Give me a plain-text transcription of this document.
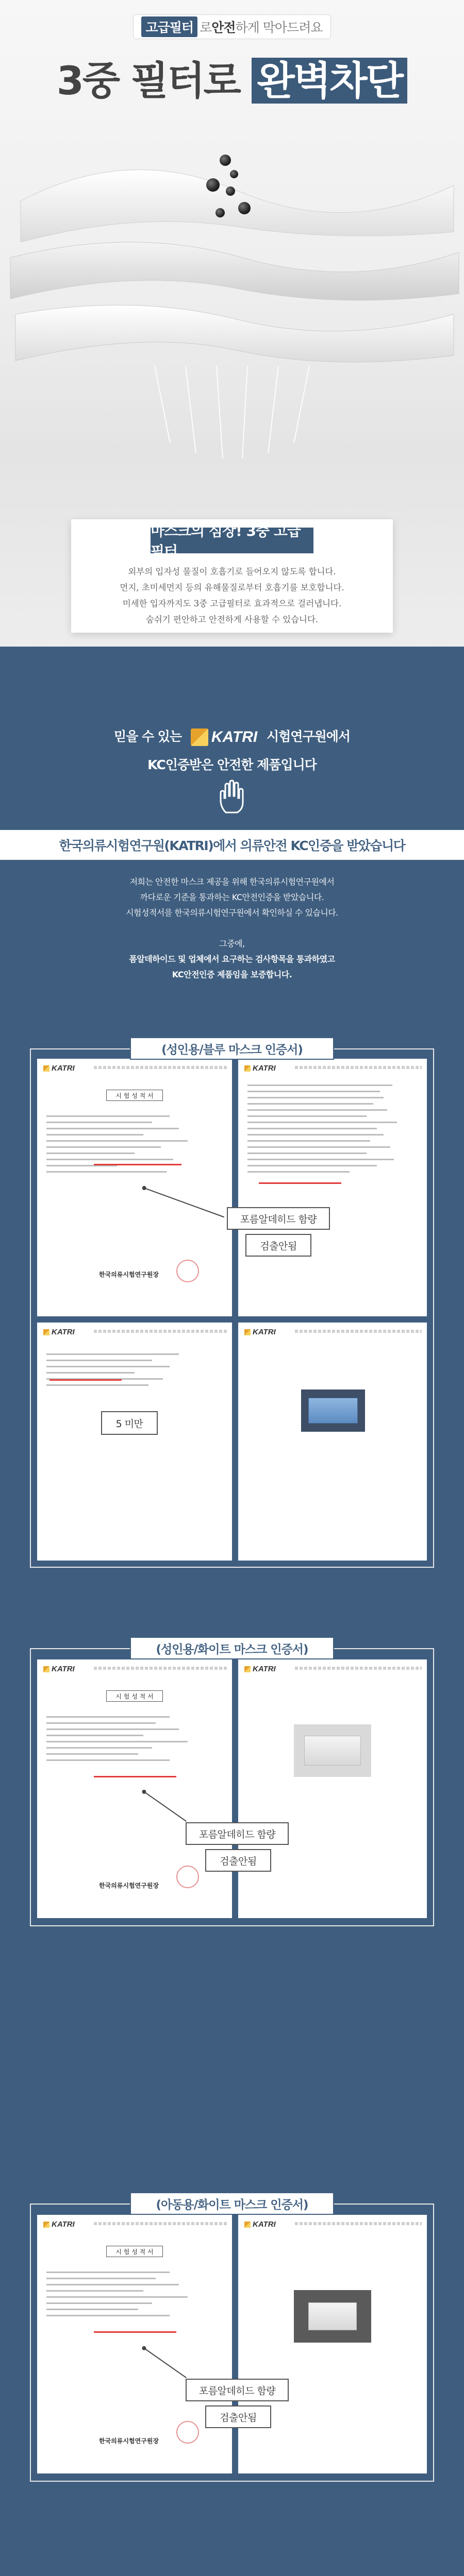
고급필터 로 안전 하게 막아드려요
3중 필터로 완벽차단
마스크의 심장! 3중 고급필터
외부의 입자성 물질이 호흡기로 들어오지 않도록 합니다.
먼지, 초미세먼지 등의 유해물질로부터 호흡기를 보호합니다.
미세한 입자까지도 3중 고급필터로 효과적으로 걸러냅니다.
숨쉬기 편안하고 안전하게 사용할 수 있습니다.
믿을 수 있는 KATRI 시험연구원에서
KC인증받은 안전한 제품입니다
한국의류시험연구원(KATRI)에서 의류안전 KC인증을 받았습니다
저희는 안전한 마스크 제공을 위해 한국의류시험연구원에서
까다로운 기준을 통과하는 KC안전인증을 받았습니다.
시험성적서를 한국의류시험연구원에서 확인하실 수 있습니다.
그중에,
폼알데하이드 및 업체에서 요구하는 검사항목을 통과하였고
KC안전인증 제품임을 보증합니다.
(성인용/블루 마스크 인증서)
KATRI
시 험 성 적 서
한국의류시험연구원장
KATRI
포름알데히드 함량
검출안됨
KATRI	KATRI
5 미만
(성인용/화이트 마스크 인증서)
KATRI
시 험 성 적 서
한국의류시험연구원장
KATRI
포름알데히드 함량
검출안됨
(아동용/화이트 마스크 인증서)
KATRI
시 험 성 적 서
한국의류시험연구원장
KATRI
포름알데히드 함량
검출안됨
